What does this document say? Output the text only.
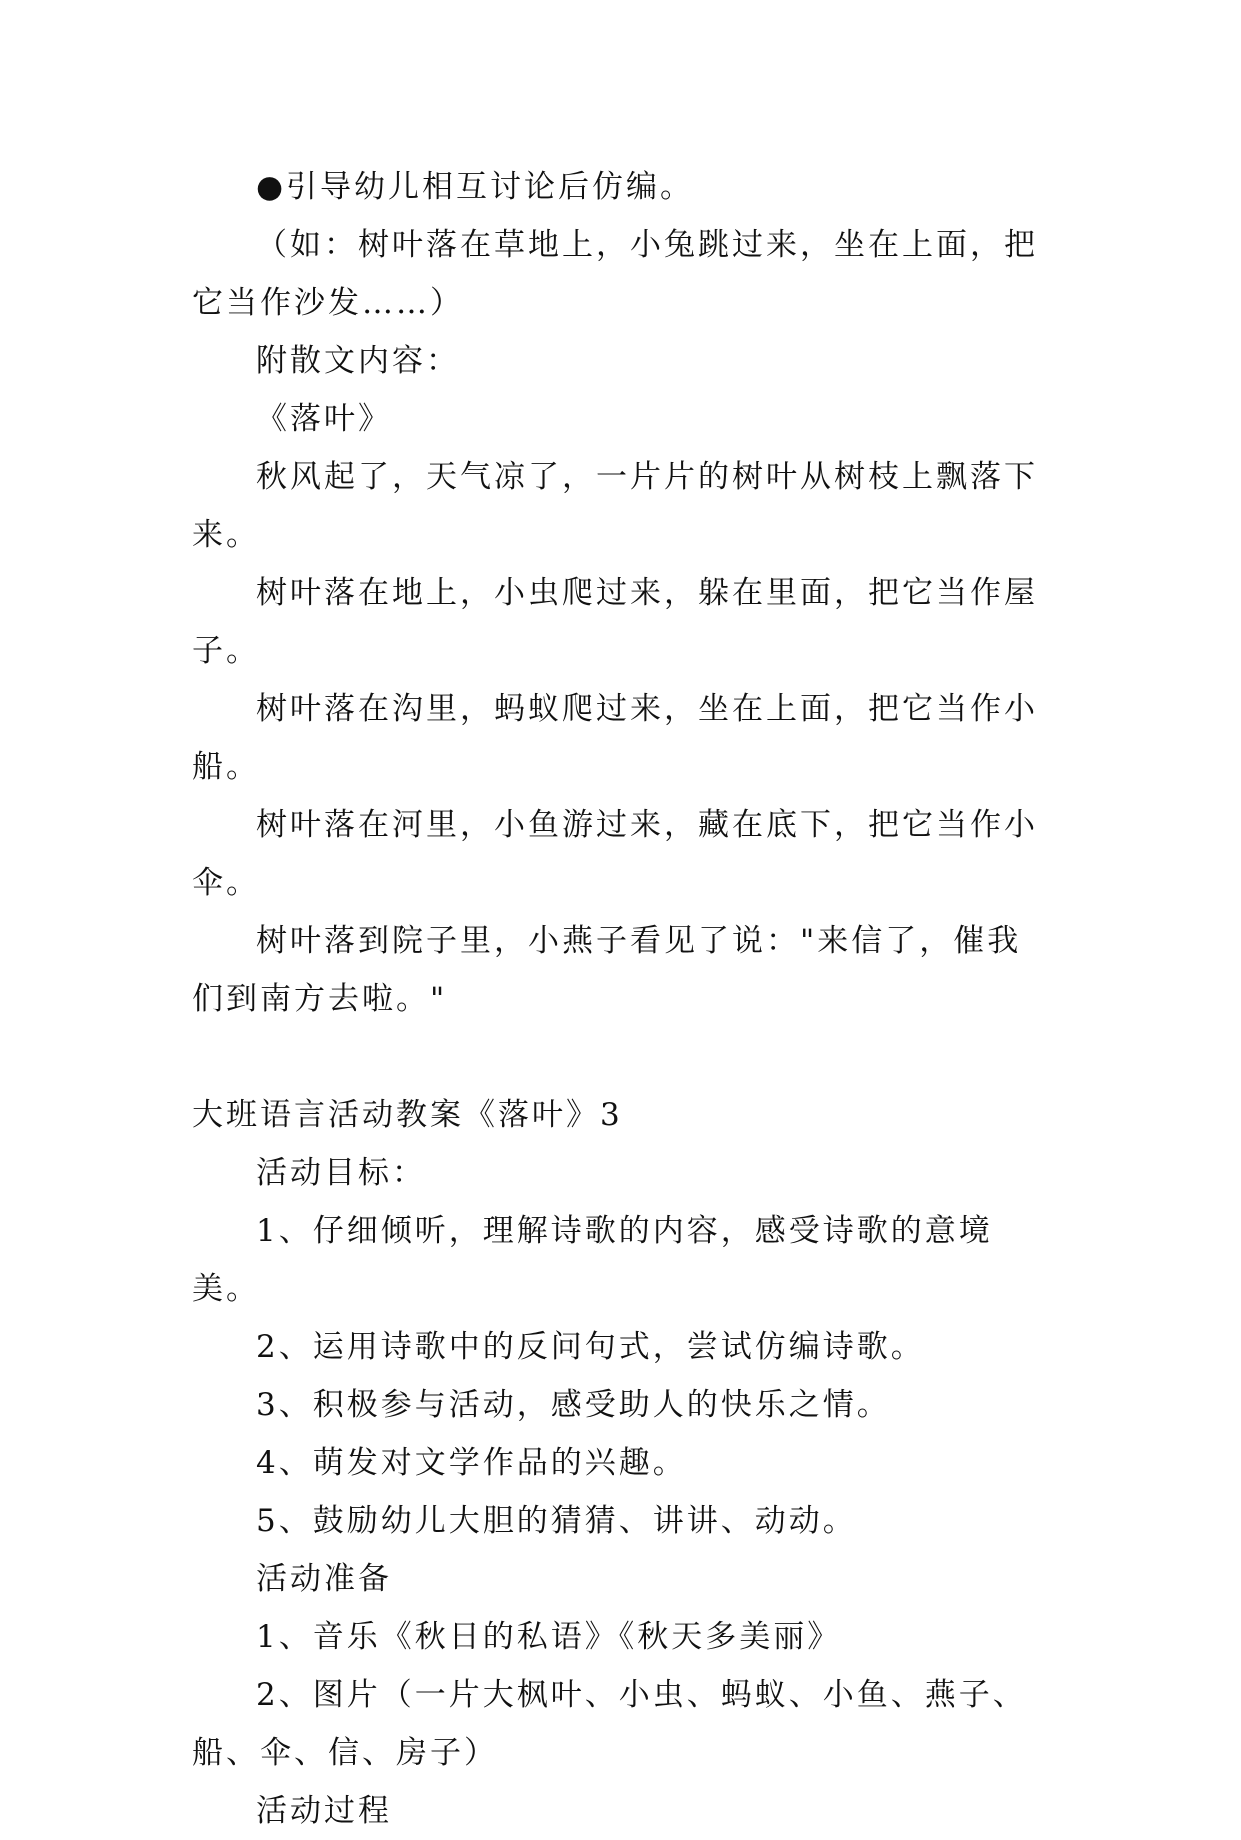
●引导幼儿相互讨论后仿编。

（如：树叶落在草地上，小兔跳过来，坐在上面，把它当作沙发……）

附散文内容：

《落叶》

秋风起了，天气凉了，一片片的树叶从树枝上飘落下来。

树叶落在地上，小虫爬过来，躲在里面，把它当作屋子。

树叶落在沟里，蚂蚁爬过来，坐在上面，把它当作小船。

树叶落在河里，小鱼游过来，藏在底下，把它当作小伞。

树叶落到院子里，小燕子看见了说："来信了，催我们到南方去啦。"

大班语言活动教案《落叶》3

活动目标：

1、仔细倾听，理解诗歌的内容，感受诗歌的意境美。

2、运用诗歌中的反问句式，尝试仿编诗歌。

3、积极参与活动，感受助人的快乐之情。

4、萌发对文学作品的兴趣。

5、鼓励幼儿大胆的猜猜、讲讲、动动。

活动准备

1、音乐《秋日的私语》《秋天多美丽》

2、图片（一片大枫叶、小虫、蚂蚁、小鱼、燕子、船、伞、信、房子）

活动过程
